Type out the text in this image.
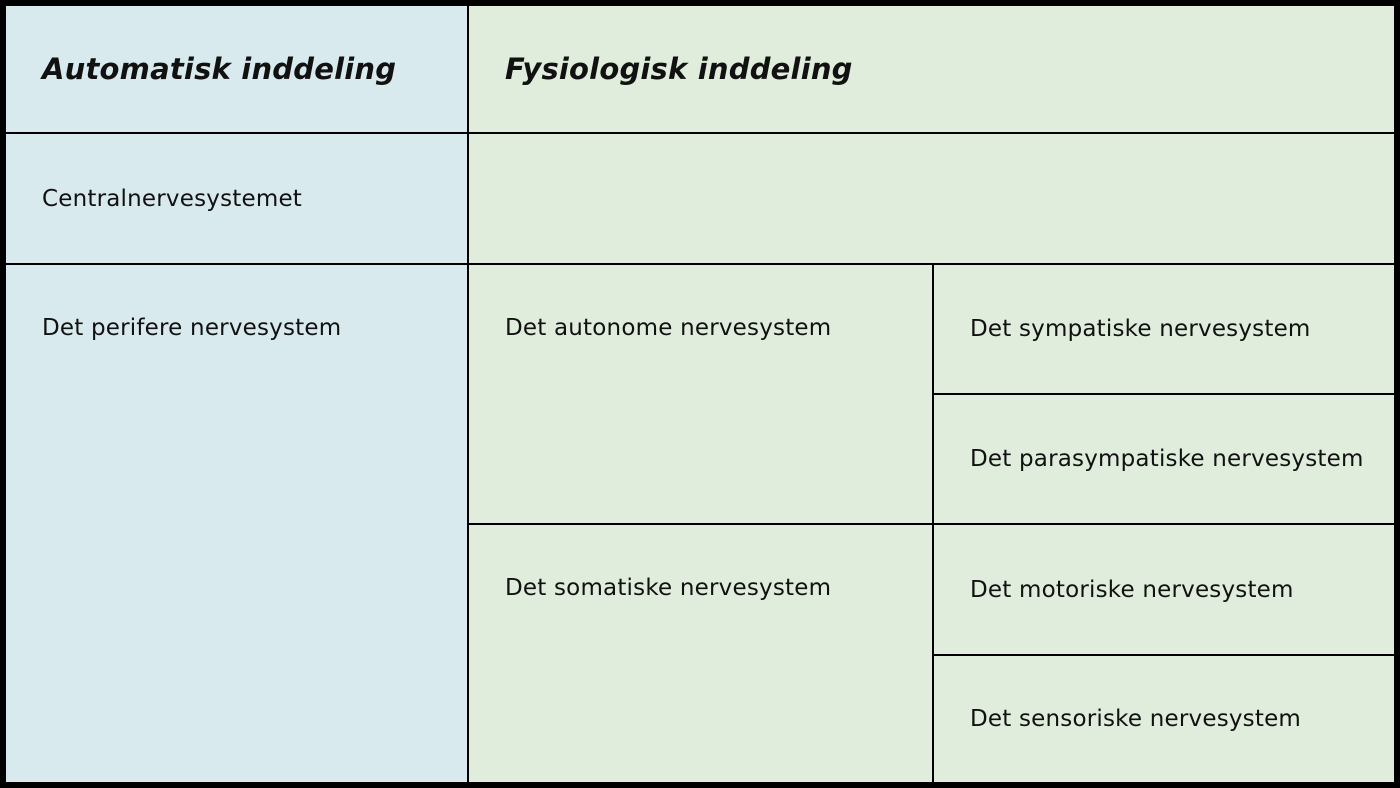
Automatisk inddeling	Fysiologisk inddeling
Centralnervesystemet
Det perifere nervesystem	Det autonome nervesystem	Det sympatiske nervesystem
Det parasympatiske nervesystem
Det somatiske nervesystem	Det motoriske nervesystem
Det sensoriske nervesystem
